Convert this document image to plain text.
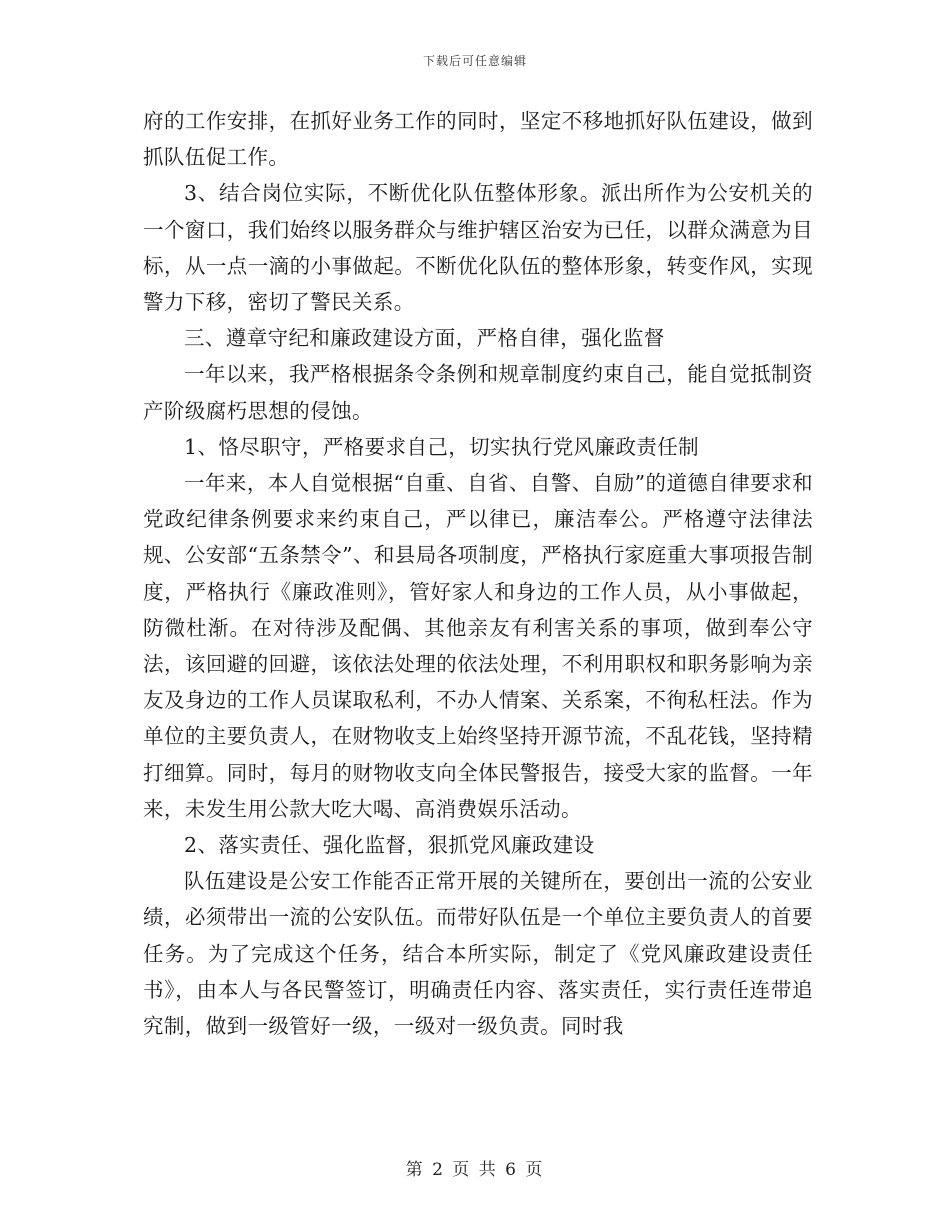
下载后可任意编辑

府的工作安排，在抓好业务工作的同时，坚定不移地抓好队伍建设，做到抓队伍促工作。

3、结合岗位实际，不断优化队伍整体形象。派出所作为公安机关的一个窗口，我们始终以服务群众与维护辖区治安为已任，以群众满意为目标，从一点一滴的小事做起。不断优化队伍的整体形象，转变作风，实现警力下移，密切了警民关系。

三、遵章守纪和廉政建设方面，严格自律，强化监督

一年以来，我严格根据条令条例和规章制度约束自己，能自觉抵制资产阶级腐朽思想的侵蚀。

1、恪尽职守，严格要求自己，切实执行党风廉政责任制

一年来，本人自觉根据“自重、自省、自警、自励”的道德自律要求和党政纪律条例要求来约束自己，严以律已，廉洁奉公。严格遵守法律法规、公安部“五条禁令”、和县局各项制度，严格执行家庭重大事项报告制度，严格执行《廉政准则》，管好家人和身边的工作人员，从小事做起，防微杜渐。在对待涉及配偶、其他亲友有利害关系的事项，做到奉公守法，该回避的回避，该依法处理的依法处理，不利用职权和职务影响为亲友及身边的工作人员谋取私利，不办人情案、关系案，不徇私枉法。作为单位的主要负责人，在财物收支上始终坚持开源节流，不乱花钱，坚持精打细算。同时，每月的财物收支向全体民警报告，接受大家的监督。一年来，未发生用公款大吃大喝、高消费娱乐活动。

2、落实责任、强化监督，狠抓党风廉政建设

队伍建设是公安工作能否正常开展的关键所在，要创出一流的公安业绩，必须带出一流的公安队伍。而带好队伍是一个单位主要负责人的首要任务。为了完成这个任务，结合本所实际，制定了《党风廉政建设责任书》，由本人与各民警签订，明确责任内容、落实责任，实行责任连带追究制，做到一级管好一级，一级对一级负责。同时我

第 2 页 共 6 页
